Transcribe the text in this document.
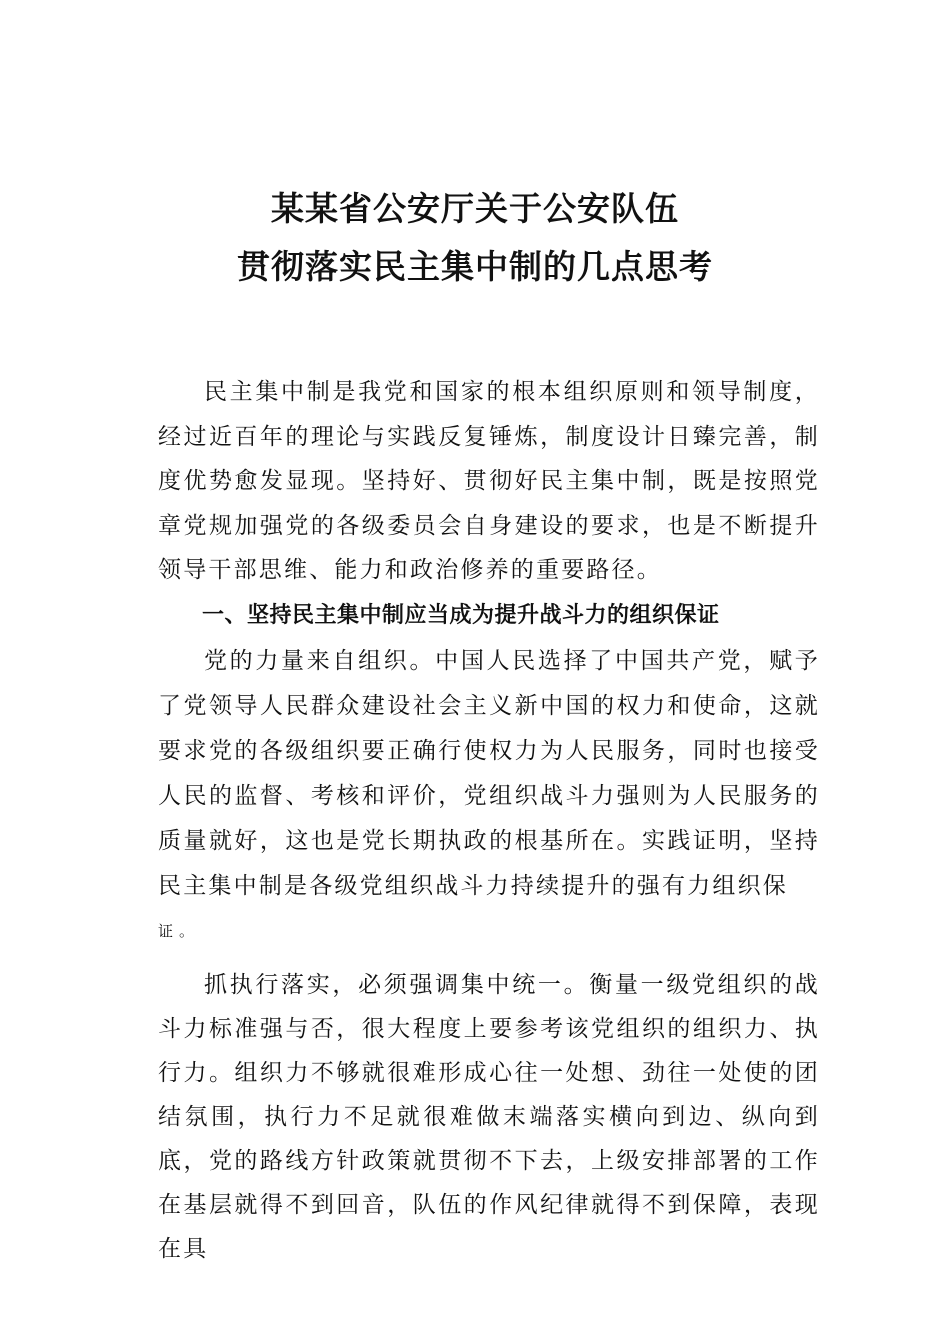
某某省公安厅关于公安队伍
贯彻落实民主集中制的几点思考

民主集中制是我党和国家的根本组织原则和领导制度，经过近百年的理论与实践反复锤炼，制度设计日臻完善，制度优势愈发显现。坚持好、贯彻好民主集中制，既是按照党章党规加强党的各级委员会自身建设的要求，也是不断提升领导干部思维、能力和政治修养的重要路径。

一、坚持民主集中制应当成为提升战斗力的组织保证

党的力量来自组织。中国人民选择了中国共产党，赋予了党领导人民群众建设社会主义新中国的权力和使命，这就要求党的各级组织要正确行使权力为人民服务，同时也接受人民的监督、考核和评价，党组织战斗力强则为人民服务的质量就好，这也是党长期执政的根基所在。实践证明，坚持民主集中制是各级党组织战斗力持续提升的强有力组织保

证。

抓执行落实，必须强调集中统一。衡量一级党组织的战斗力标准强与否，很大程度上要参考该党组织的组织力、执行力。组织力不够就很难形成心往一处想、劲往一处使的团结氛围，执行力不足就很难做末端落实横向到边、纵向到底，党的路线方针政策就贯彻不下去，上级安排部署的工作在基层就得不到回音，队伍的作风纪律就得不到保障，表现在具
